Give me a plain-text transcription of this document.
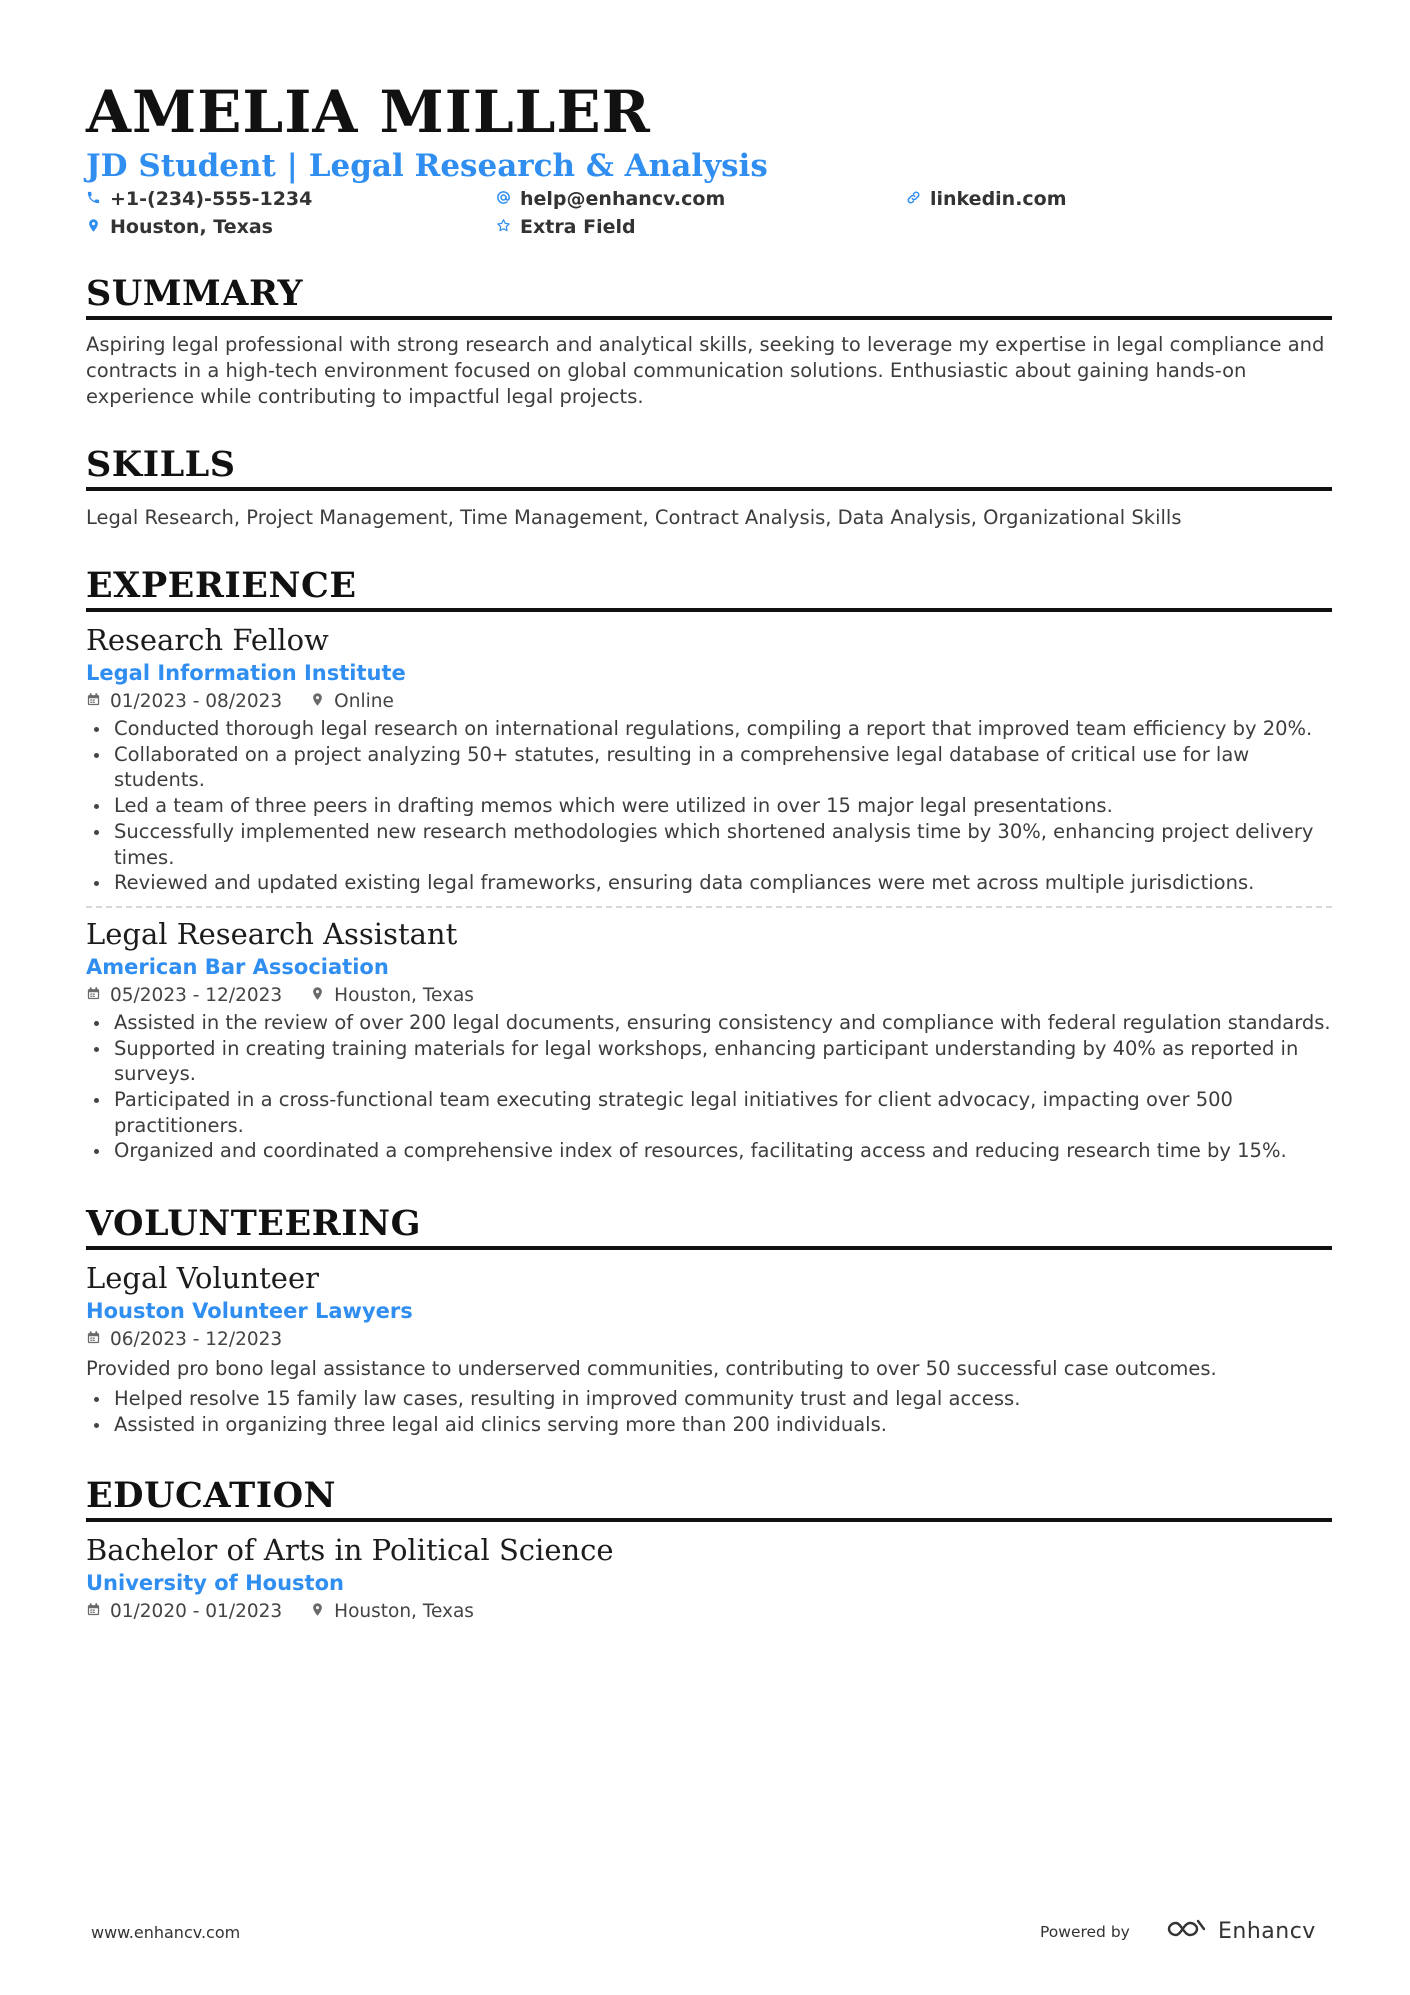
AMELIA MILLER
JD Student | Legal Research & Analysis
+1-(234)-555-1234	help@enhancv.com	linkedin.com
Houston, Texas	Extra Field
SUMMARY
Aspiring legal professional with strong research and analytical skills, seeking to leverage my expertise in legal compliance and contracts in a high-tech environment focused on global communication solutions. Enthusiastic about gaining hands-on experience while contributing to impactful legal projects.
SKILLS
Legal Research, Project Management, Time Management, Contract Analysis, Data Analysis, Organizational Skills
EXPERIENCE
Research Fellow
Legal Information Institute
01/2023 - 08/2023	Online
Conducted thorough legal research on international regulations, compiling a report that improved team efficiency by 20%.
Collaborated on a project analyzing 50+ statutes, resulting in a comprehensive legal database of critical use for law students.
Led a team of three peers in drafting memos which were utilized in over 15 major legal presentations.
Successfully implemented new research methodologies which shortened analysis time by 30%, enhancing project delivery times.
Reviewed and updated existing legal frameworks, ensuring data compliances were met across multiple jurisdictions.
Legal Research Assistant
American Bar Association
05/2023 - 12/2023	Houston, Texas
Assisted in the review of over 200 legal documents, ensuring consistency and compliance with federal regulation standards.
Supported in creating training materials for legal workshops, enhancing participant understanding by 40% as reported in surveys.
Participated in a cross-functional team executing strategic legal initiatives for client advocacy, impacting over 500 practitioners.
Organized and coordinated a comprehensive index of resources, facilitating access and reducing research time by 15%.
VOLUNTEERING
Legal Volunteer
Houston Volunteer Lawyers
06/2023 - 12/2023
Provided pro bono legal assistance to underserved communities, contributing to over 50 successful case outcomes.
Helped resolve 15 family law cases, resulting in improved community trust and legal access.
Assisted in organizing three legal aid clinics serving more than 200 individuals.
EDUCATION
Bachelor of Arts in Political Science
University of Houston
01/2020 - 01/2023	Houston, Texas
www.enhancv.com	Powered by	Enhancv
